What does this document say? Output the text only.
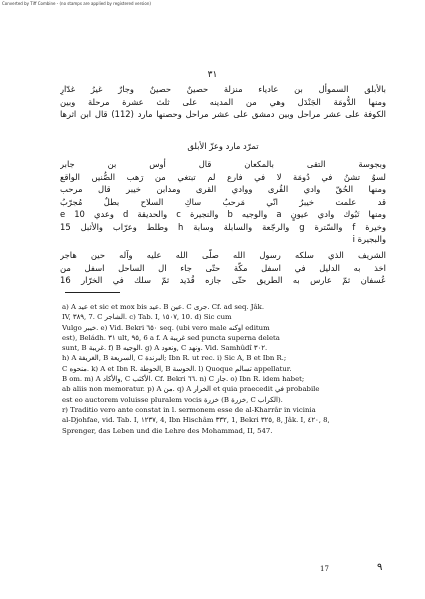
Converted by Tiff Combine - (no stamps are applied by registered version)
٣١
بالأبلق السموأل بن عادياء منزلة حصينٌ حصينٌ وجارٌ غيرُ غدّارِ
ومنها الدُّومَة الجَنْدَل وهي من المدينه على ثلث عشرة مرحلة وبين
الكوفة على عشر مراحل وبين دمشق على عشر مراحل وحصنها مارد (112) قال ابن اثرها
تمرّد مارد وعزّ الأبلق
وبجوسة التقى بالمكعان قال أوس بن جابر
لسوُ تشنُ في دُومَة لا في فارع لم تبتغي من رَهب الصُّنيں الواقع
ومنها الحُقّ وادي القُرى ووادي القرى ومدابن خيبر قال مرحب
قد علمت خيبرُ انّي مَرحبُ ساكِ السلاح بطلٌ مُجرّبُ
ومنها تَبُوك وادي عيونٍ a والوجيه b والنجيرة c والحديقة d وعدي e 10
وخيرة f والسّترة g والرجّعة والسابلة وسابة h وطلط وعرّاب والأثبل 15
والبجيرة i
الشريف الذي سلكه رسول الله صلّى الله عليه وآله حين هاجر
اخذ به الدليل في اسفل مكّة حتّى جاء ال الساحل اسفل من
عُسفان ثمّ عارس به الطريق حتّى جازه قُدَيد ثمّ سلك في الخرّار 16
a) A عيد et sic et mox bis عيد. B عين. C جرى. Cf. ad seq. Jâk.
IV, ٣٨٩, 7. C الشاجر. c) Tab. I, ١٥٠٧, 10. d) Sic cum
Vulgo خيبر. e) Vid. Bekri ٦٥٠ seq. (ubi vero male اوكنه editum
est), Beládh. ٣١ ult, ٩٥, 6 a f. A غريبة sed puncta superna deleta
sunt, B غريبة. f) B الوجيه. g) A ونعود, C ونهد. Vid. Samhûdî ٣٠٢.
h) A الغريفة, B السريعة, C البرندة; Ibn R. ut rec. i) Sic A, B et Ibn R.;
C منحوه. k) A et Ibn R. الحوطة, B الحوسة. l) Quoque تسالم appellatur.
B om. m) A والأكاد, C الأكثب. Cf. Bekri ٦٦. n) C جاز. o) Ibn R. idem habet;
ab aliis non memoratur. p) A من. q) A الخرار et quia praecedit في probabile
est eo auctorem voluisse pluralem vocis خزرة (B خزرة, C الكراب).
r) Traditio vero ante constat in l. sermonem esse de al-Kharrâr in vicinia
al-Djohfae, vid. Tab. I, ١٢٣٧, 4, Ibn Hischâm ٣٣٢, 1, Bekri ٣٢٥, 8, Jâk. I, ٤٢٠, 8,
Sprenger, das Leben und die Lehre des Mohammad, II, 547.
17	٩
